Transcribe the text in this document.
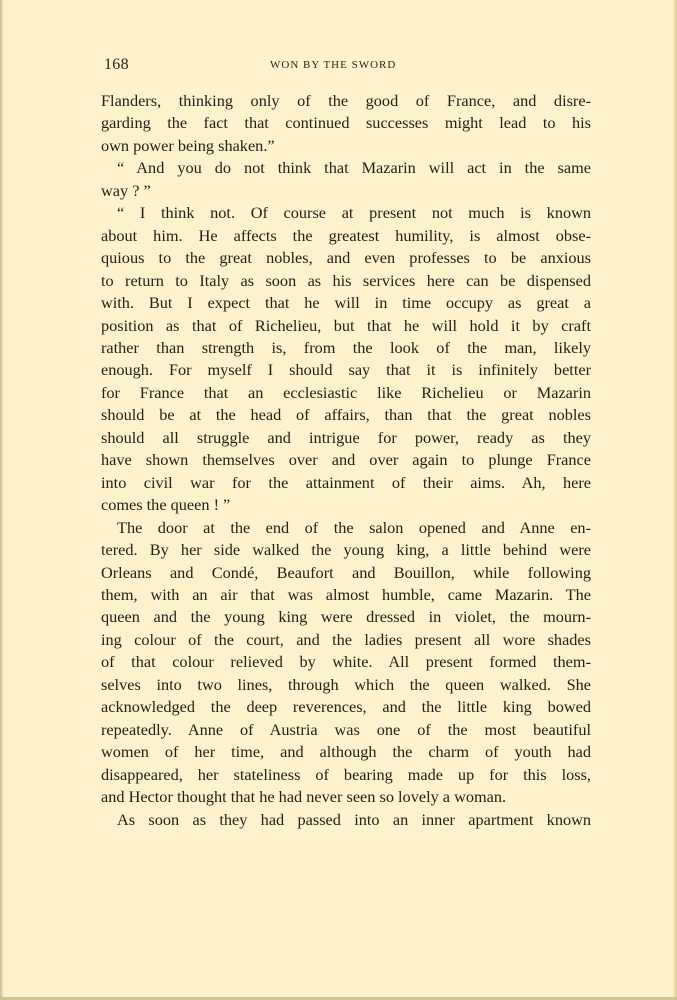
168	WON BY THE SWORD

Flanders, thinking only of the good of France, and disre-

garding the fact that continued successes might lead to his

own power being shaken.”

“ And you do not think that Mazarin will act in the same

way ? ”

“ I think not. Of course at present not much is known

about him. He affects the greatest humility, is almost obse-

quious to the great nobles, and even professes to be anxious

to return to Italy as soon as his services here can be dispensed

with. But I expect that he will in time occupy as great a

position as that of Richelieu, but that he will hold it by craft

rather than strength is, from the look of the man, likely

enough. For myself I should say that it is infinitely better

for France that an ecclesiastic like Richelieu or Mazarin

should be at the head of affairs, than that the great nobles

should all struggle and intrigue for power, ready as they

have shown themselves over and over again to plunge France

into civil war for the attainment of their aims. Ah, here

comes the queen ! ”

The door at the end of the salon opened and Anne en-

tered. By her side walked the young king, a little behind were

Orleans and Condé, Beaufort and Bouillon, while following

them, with an air that was almost humble, came Mazarin. The

queen and the young king were dressed in violet, the mourn-

ing colour of the court, and the ladies present all wore shades

of that colour relieved by white. All present formed them-

selves into two lines, through which the queen walked. She

acknowledged the deep reverences, and the little king bowed

repeatedly. Anne of Austria was one of the most beautiful

women of her time, and although the charm of youth had

disappeared, her stateliness of bearing made up for this loss,

and Hector thought that he had never seen so lovely a woman.

As soon as they had passed into an inner apartment known
